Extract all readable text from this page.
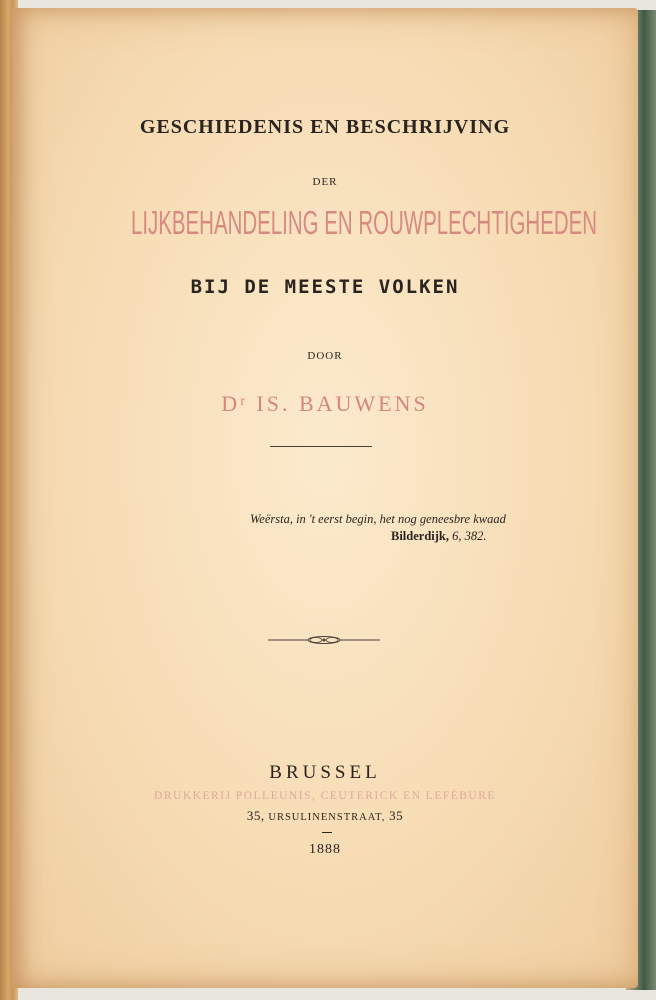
GESCHIEDENIS EN BESCHRIJVING

DER

LIJKBEHANDELING EN ROUWPLECHTIGHEDEN

BIJ DE MEESTE VOLKEN

DOOR

Dʳ IS. BAUWENS

Weërsta, in 't eerst begin, het nog geneesbre kwaad
Bilderdijk, 6, 382.

BRUSSEL

DRUKKERIJ POLLEUNIS, CEUTERICK EN LEFÉBURE

35, URSULINENSTRAAT, 35

1888
